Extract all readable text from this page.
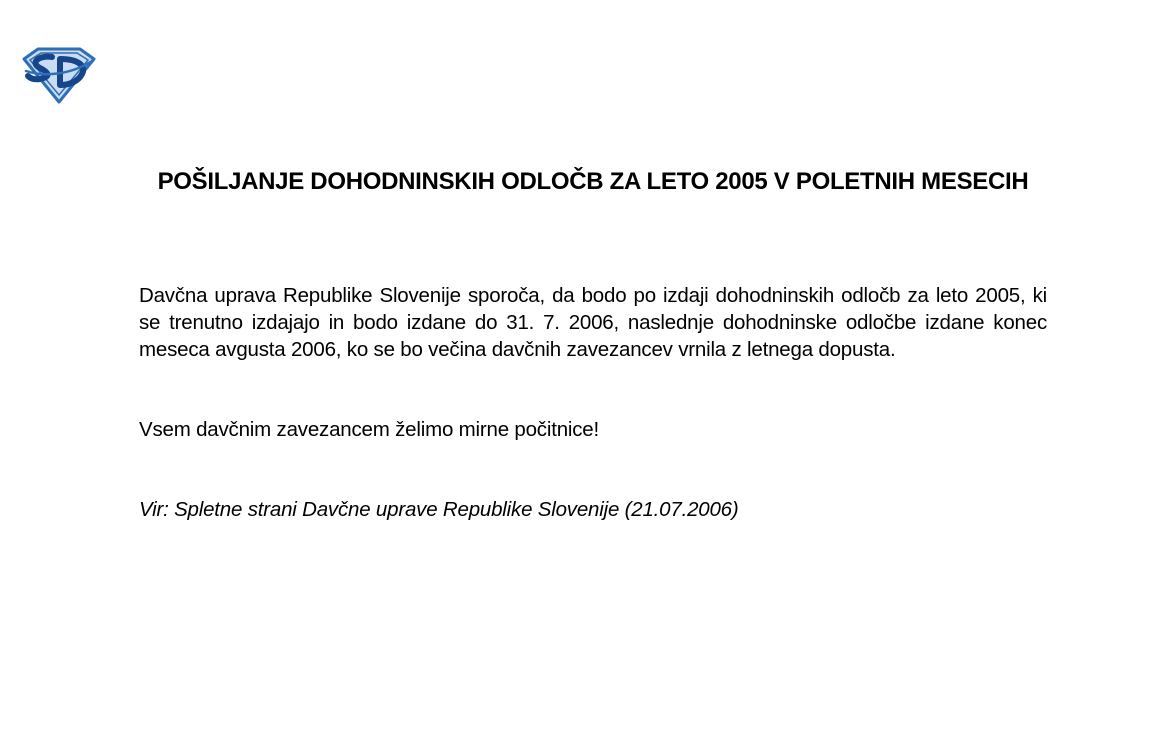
POŠILJANJE DOHODNINSKIH ODLOČB ZA LETO 2005 V POLETNIH MESECIH

Davčna uprava Republike Slovenije sporoča, da bodo po izdaji dohodninskih odločb za leto 2005, ki se trenutno izdajajo in bodo izdane do 31. 7. 2006, naslednje dohodninske odločbe izdane konec meseca avgusta 2006, ko se bo večina davčnih zavezancev vrnila z letnega dopusta.

Vsem davčnim zavezancem želimo mirne počitnice!

Vir: Spletne strani Davčne uprave Republike Slovenije (21.07.2006)
